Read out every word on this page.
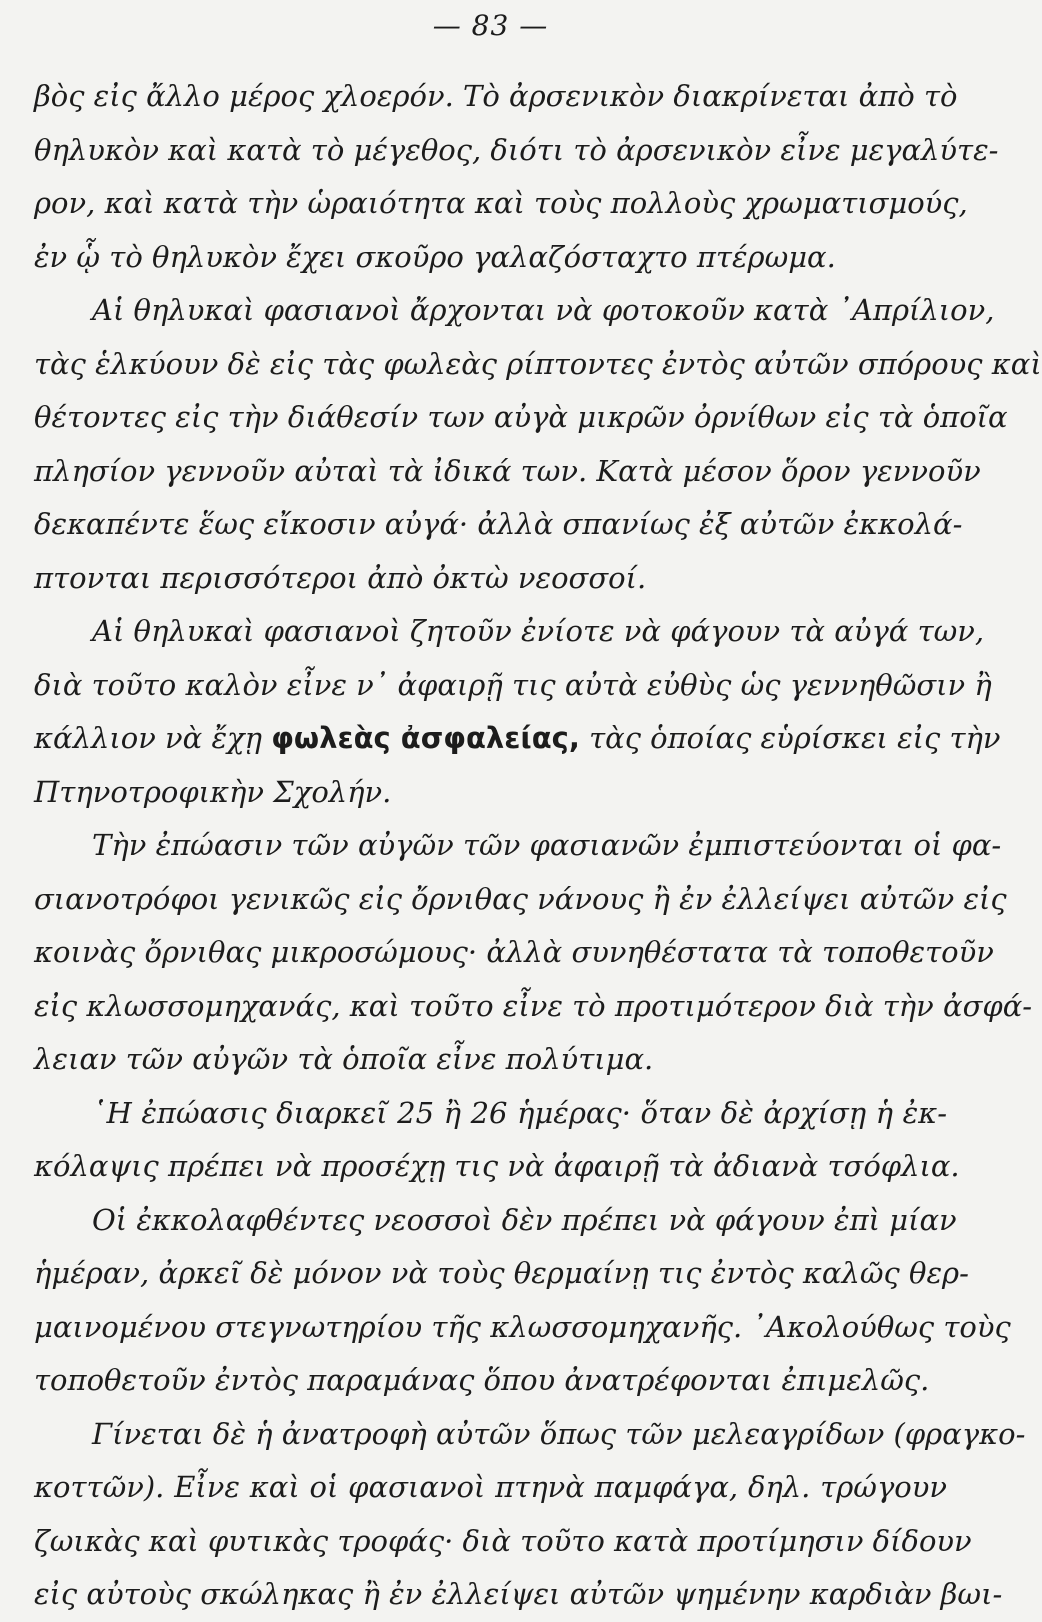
— 83 —
βὸς εἰς ἄλλο μέρος χλοερόν. Τὸ ἀρσενικὸν διακρίνεται ἀπὸ τὸ
θηλυκὸν καὶ κατὰ τὸ μέγεθος, διότι τὸ ἀρσενικὸν εἶνε μεγαλύτε-
ρον, καὶ κατὰ τὴν ὡραιότητα καὶ τοὺς πολλοὺς χρωματισμούς,
ἐν ᾧ τὸ θηλυκὸν ἔχει σκοῦρο γαλαζόσταχτο πτέρωμα.
Αἱ θηλυκαὶ φασιανοὶ ἄρχονται νὰ φοτοκοῦν κατὰ ᾿Απρίλιον,
τὰς ἑλκύουν δὲ εἰς τὰς φωλεὰς ρίπτοντες ἐντὸς αὐτῶν σπόρους καὶ
θέτοντες εἰς τὴν διάθεσίν των αὐγὰ μικρῶν ὀρνίθων εἰς τὰ ὁποῖα
πλησίον γεννοῦν αὐταὶ τὰ ἰδικά των. Κατὰ μέσον ὅρον γεννοῦν
δεκαπέντε ἕως εἴκοσιν αὐγά· ἀλλὰ σπανίως ἐξ αὐτῶν ἐκκολά-
πτονται περισσότεροι ἀπὸ ὀκτὼ νεοσσοί.
Αἱ θηλυκαὶ φασιανοὶ ζητοῦν ἐνίοτε νὰ φάγουν τὰ αὐγά των,
διὰ τοῦτο καλὸν εἶνε ν᾿ ἀφαιρῇ τις αὐτὰ εὐθὺς ὡς γεννηθῶσιν ἢ
κάλλιον νὰ ἔχῃ φωλεὰς ἀσφαλείας, τὰς ὁποίας εὑρίσκει εἰς τὴν
Πτηνοτροφικὴν Σχολήν.
Τὴν ἐπώασιν τῶν αὐγῶν τῶν φασιανῶν ἐμπιστεύονται οἱ φα-
σιανοτρόφοι γενικῶς εἰς ὄρνιθας νάνους ἢ ἐν ἐλλείψει αὐτῶν εἰς
κοινὰς ὄρνιθας μικροσώμους· ἀλλὰ συνηθέστατα τὰ τοποθετοῦν
εἰς κλωσσομηχανάς, καὶ τοῦτο εἶνε τὸ προτιμότερον διὰ τὴν ἀσφά-
λειαν τῶν αὐγῶν τὰ ὁποῖα εἶνε πολύτιμα.
῾Η ἐπώασις διαρκεῖ 25 ἢ 26 ἡμέρας· ὅταν δὲ ἀρχίσῃ ἡ ἐκ-
κόλαψις πρέπει νὰ προσέχῃ τις νὰ ἀφαιρῇ τὰ ἀδιανὰ τσόφλια.
Οἱ ἐκκολαφθέντες νεοσσοὶ δὲν πρέπει νὰ φάγουν ἐπὶ μίαν
ἡμέραν, ἀρκεῖ δὲ μόνον νὰ τοὺς θερμαίνῃ τις ἐντὸς καλῶς θερ-
μαινομένου στεγνωτηρίου τῆς κλωσσομηχανῆς. ᾿Ακολούθως τοὺς
τοποθετοῦν ἐντὸς παραμάνας ὅπου ἀνατρέφονται ἐπιμελῶς.
Γίνεται δὲ ἡ ἀνατροφὴ αὐτῶν ὅπως τῶν μελεαγρίδων (φραγκο-
κοττῶν). Εἶνε καὶ οἱ φασιανοὶ πτηνὰ παμφάγα, δηλ. τρώγουν
ζωικὰς καὶ φυτικὰς τροφάς· διὰ τοῦτο κατὰ προτίμησιν δίδουν
εἰς αὐτοὺς σκώληκας ἢ ἐν ἐλλείψει αὐτῶν ψημένην καρδιὰν βωι-
